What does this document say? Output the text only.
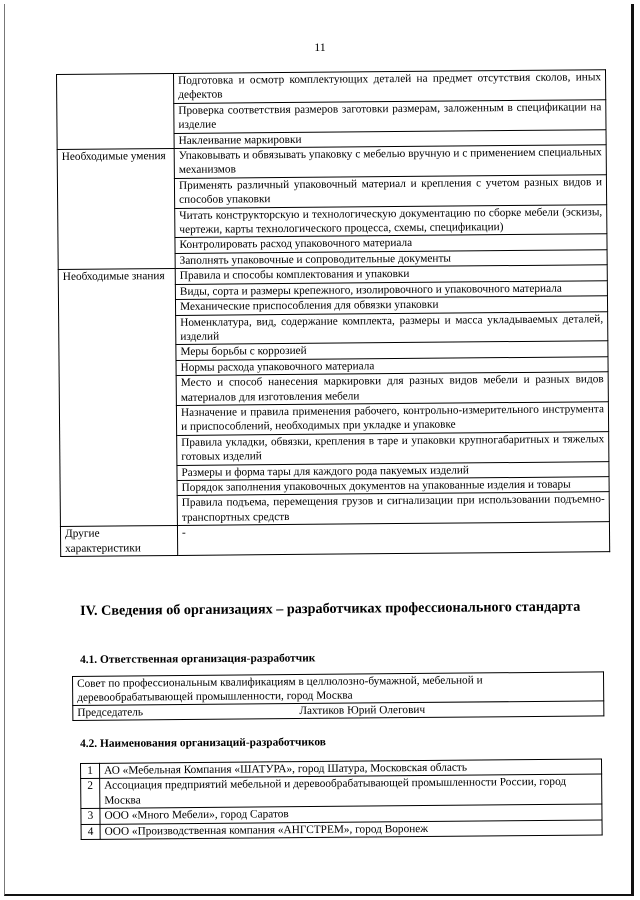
11
	Подготовка и осмотр комплектующих деталей на предмет отсутствия сколов, иных дефектов
	Проверка соответствия размеров заготовки размерам, заложенным в спецификации на изделие
	Наклеивание маркировки
Необходимые умения	Упаковывать и обвязывать упаковку с мебелью вручную и с применением специальных механизмов
	Применять различный упаковочный материал и крепления с учетом разных видов и способов упаковки
	Читать конструкторскую и технологическую документацию по сборке мебели (эскизы, чертежи, карты технологического процесса, схемы, спецификации)
	Контролировать расход упаковочного материала
	Заполнять упаковочные и сопроводительные документы
Необходимые знания	Правила и способы комплектования и упаковки
	Виды, сорта и размеры крепежного, изолировочного и упаковочного материала
	Механические приспособления для обвязки упаковки
	Номенклатура, вид, содержание комплекта, размеры и масса укладываемых деталей, изделий
	Меры борьбы с коррозией
	Нормы расхода упаковочного материала
	Место и способ нанесения маркировки для разных видов мебели и разных видов материалов для изготовления мебели
	Назначение и правила применения рабочего, контрольно-измерительного инструмента и приспособлений, необходимых при укладке и упаковке
	Правила укладки, обвязки, крепления в таре и упаковки крупногабаритных и тяжелых готовых изделий
	Размеры и форма тары для каждого рода пакуемых изделий
	Порядок заполнения упаковочных документов на упакованные изделия и товары
	Правила подъема, перемещения грузов и сигнализации при использовании подъемно-транспортных средств
Другие характеристики	-
IV. Сведения об организациях – разработчиках профессионального стандарта
4.1. Ответственная организация-разработчик
Совет по профессиональным квалификациям в целлюлозно-бумажной, мебельной и деревообрабатывающей промышленности, город Москва
Председатель	Лахтиков Юрий Олегович
4.2. Наименования организаций-разработчиков
1	АО «Мебельная Компания «ШАТУРА», город Шатура, Московская область
2	Ассоциация предприятий мебельной и деревообрабатывающей промышленности России, город Москва
3	ООО «Много Мебели», город Саратов
4	ООО «Производственная компания «АНГСТРЕМ», город Воронеж
